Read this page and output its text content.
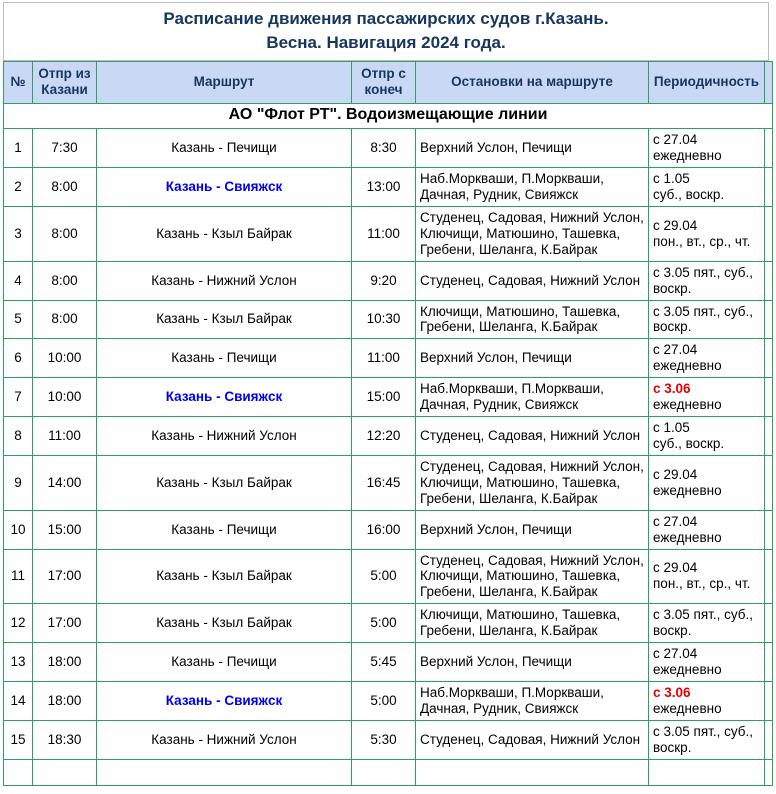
Расписание движения пассажирских судов г.Казань.
Весна. Навигация 2024 года.
№	Отпр из Казани	Маршрут	Отпр с конеч	Остановки на маршруте	Периодичность	
АО "Флот РТ". Водоизмещающие линии						
1	7:30	Казань - Печищи	8:30	Верхний Услон, Печищи	с 27.04
ежедневно	

2	8:00	Казань - Свияжск	13:00	Наб.Моркваши, П.Моркваши, Дачная, Рудник, Свияжск	с 1.05
суб., воскр.	

3	8:00	Казань - Кзыл Байрак	11:00	Студенец, Садовая, Нижний Услон, Ключищи, Матюшино, Ташевка, Гребени, Шеланга, К.Байрак	с 29.04
пон., вт., ср., чт.	

4	8:00	Казань - Нижний Услон	9:20	Студенец, Садовая, Нижний Услон	с 3.05 пят., суб.,
воскр.	

5	8:00	Казань - Кзыл Байрак	10:30	Ключищи, Матюшино, Ташевка, Гребени, Шеланга, К.Байрак	с 3.05 пят., суб.,
воскр.	

6	10:00	Казань - Печищи	11:00	Верхний Услон, Печищи	с 27.04
ежедневно	

7	10:00	Казань - Свияжск	15:00	Наб.Моркваши, П.Моркваши, Дачная, Рудник, Свияжск	с 3.06
ежедневно	

8	11:00	Казань - Нижний Услон	12:20	Студенец, Садовая, Нижний Услон	с 1.05
суб., воскр.	

9	14:00	Казань - Кзыл Байрак	16:45	Студенец, Садовая, Нижний Услон, Ключищи, Матюшино, Ташевка, Гребени, Шеланга, К.Байрак	с 29.04
ежедневно	

10	15:00	Казань - Печищи	16:00	Верхний Услон, Печищи	с 27.04
ежедневно	

11	17:00	Казань - Кзыл Байрак	5:00	Студенец, Садовая, Нижний Услон, Ключищи, Матюшино, Ташевка, Гребени, Шеланга, К.Байрак	с 29.04
пон., вт., ср., чт.	

12	17:00	Казань - Кзыл Байрак	5:00	Ключищи, Матюшино, Ташевка, Гребени, Шеланга, К.Байрак	с 3.05 пят., суб.,
воскр.	

13	18:00	Казань - Печищи	5:45	Верхний Услон, Печищи	с 27.04
ежедневно	

14	18:00	Казань - Свияжск	5:00	Наб.Моркваши, П.Моркваши, Дачная, Рудник, Свияжск	с 3.06
ежедневно	

15	18:30	Казань - Нижний Услон	5:30	Студенец, Садовая, Нижний Услон	с 3.05 пят., суб.,
воскр.	
